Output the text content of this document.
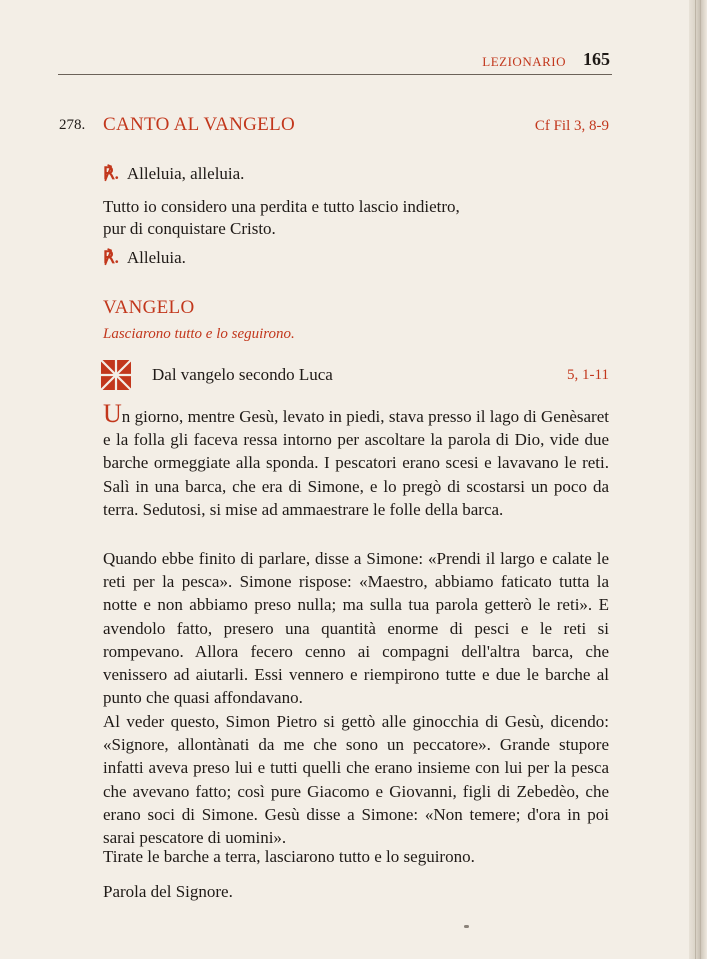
LEZIONARIO 165
278. CANTO AL VANGELO	Cf Fil 3, 8-9
℟. Alleluia, alleluia.
Tutto io considero una perdita e tutto lascio indietro,
pur di conquistare Cristo.
℟. Alleluia.
VANGELO
Lasciarono tutto e lo seguirono.
Dal vangelo secondo Luca	5, 1-11
Un giorno, mentre Gesù, levato in piedi, stava presso il lago di Genèsaret e la folla gli faceva ressa intorno per ascoltare la parola di Dio, vide due barche ormeggiate alla sponda. I pescatori erano scesi e lavavano le reti. Salì in una barca, che era di Simone, e lo pregò di scostarsi un poco da terra. Sedutosi, si mise ad ammaestrare le folle della barca.
Quando ebbe finito di parlare, disse a Simone: «Prendi il largo e calate le reti per la pesca». Simone rispose: «Maestro, abbiamo faticato tutta la notte e non abbiamo preso nulla; ma sulla tua parola getterò le reti». E avendolo fatto, presero una quantità enorme di pesci e le reti si rompevano. Allora fecero cenno ai compagni dell'altra barca, che venissero ad aiutarli. Essi vennero e riempirono tutte e due le barche al punto che quasi affondavano.
Al veder questo, Simon Pietro si gettò alle ginocchia di Gesù, dicendo: «Signore, allontànati da me che sono un peccatore». Grande stupore infatti aveva preso lui e tutti quelli che erano insieme con lui per la pesca che avevano fatto; così pure Giacomo e Giovanni, figli di Zebedèo, che erano soci di Simone. Gesù disse a Simone: «Non temere; d'ora in poi sarai pescatore di uomini».
Tirate le barche a terra, lasciarono tutto e lo seguirono.
Parola del Signore.
